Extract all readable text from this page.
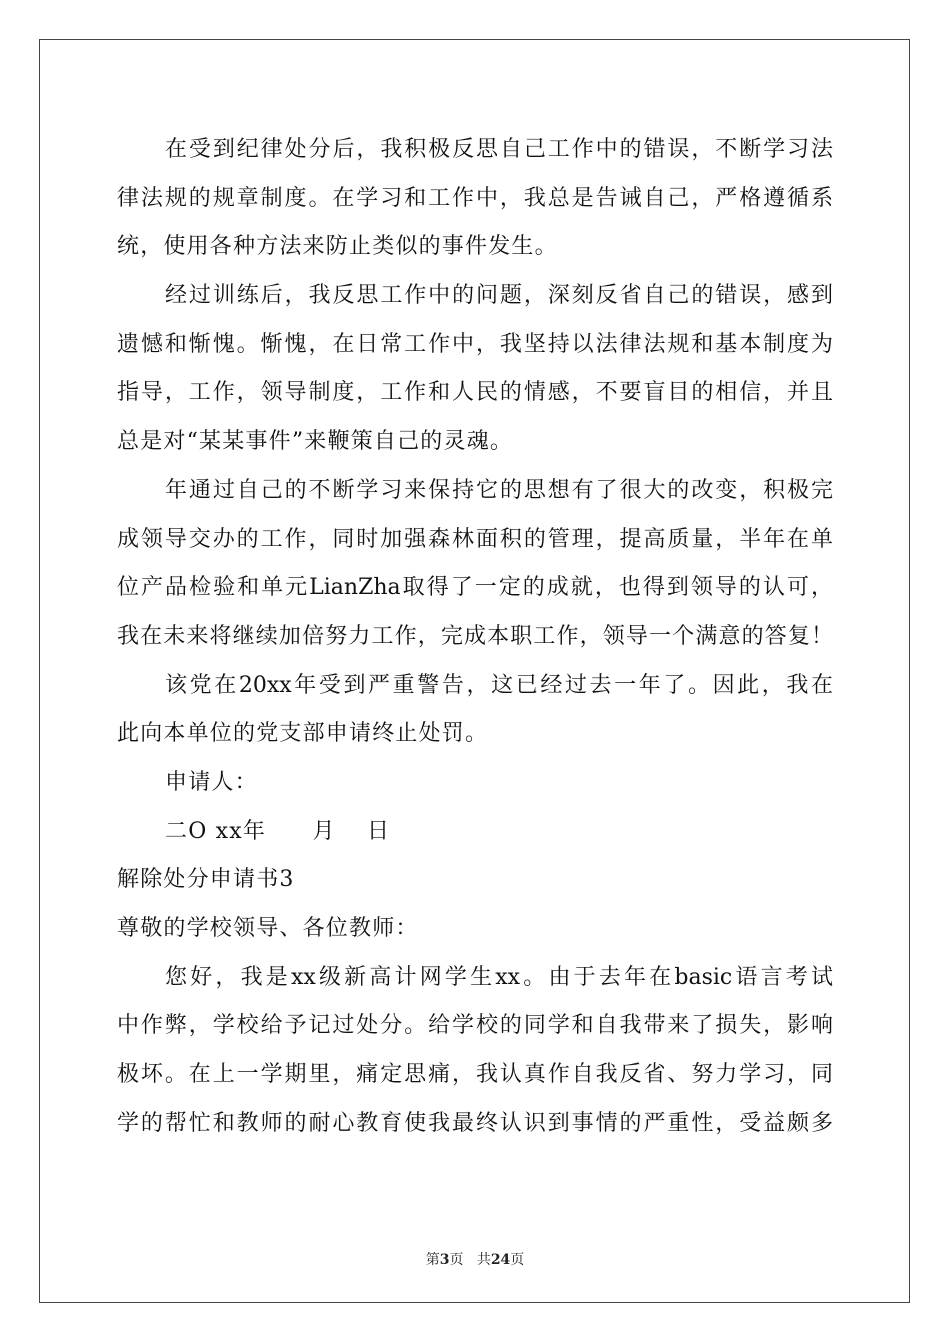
在受到纪律处分后，我积极反思自己工作中的错误，不断学习法
律法规的规章制度。在学习和工作中，我总是告诫自己，严格遵循系
统，使用各种方法来防止类似的事件发生。
经过训练后，我反思工作中的问题，深刻反省自己的错误，感到
遗憾和惭愧。惭愧，在日常工作中，我坚持以法律法规和基本制度为
指导，工作，领导制度，工作和人民的情感，不要盲目的相信，并且
总是对“某某事件”来鞭策自己的灵魂。
年通过自己的不断学习来保持它的思想有了很大的改变，积极完
成领导交办的工作，同时加强森林面积的管理，提高质量，半年在单
位产品检验和单元LianZha取得了一定的成就，也得到领导的认可，
我在未来将继续加倍努力工作，完成本职工作，领导一个满意的答复！
该党在20xx年受到严重警告，这已经过去一年了。因此，我在
此向本单位的党支部申请终止处罚。
申请人：
二O xx年　　月　 日
解除处分申请书3
尊敬的学校领导、各位教师：
您好，我是xx级新高计网学生xx。由于去年在basic语言考试
中作弊，学校给予记过处分。给学校的同学和自我带来了损失，影响
极坏。在上一学期里，痛定思痛，我认真作自我反省、努力学习，同
学的帮忙和教师的耐心教育使我最终认识到事情的严重性，受益颇多
第3页 共24页
